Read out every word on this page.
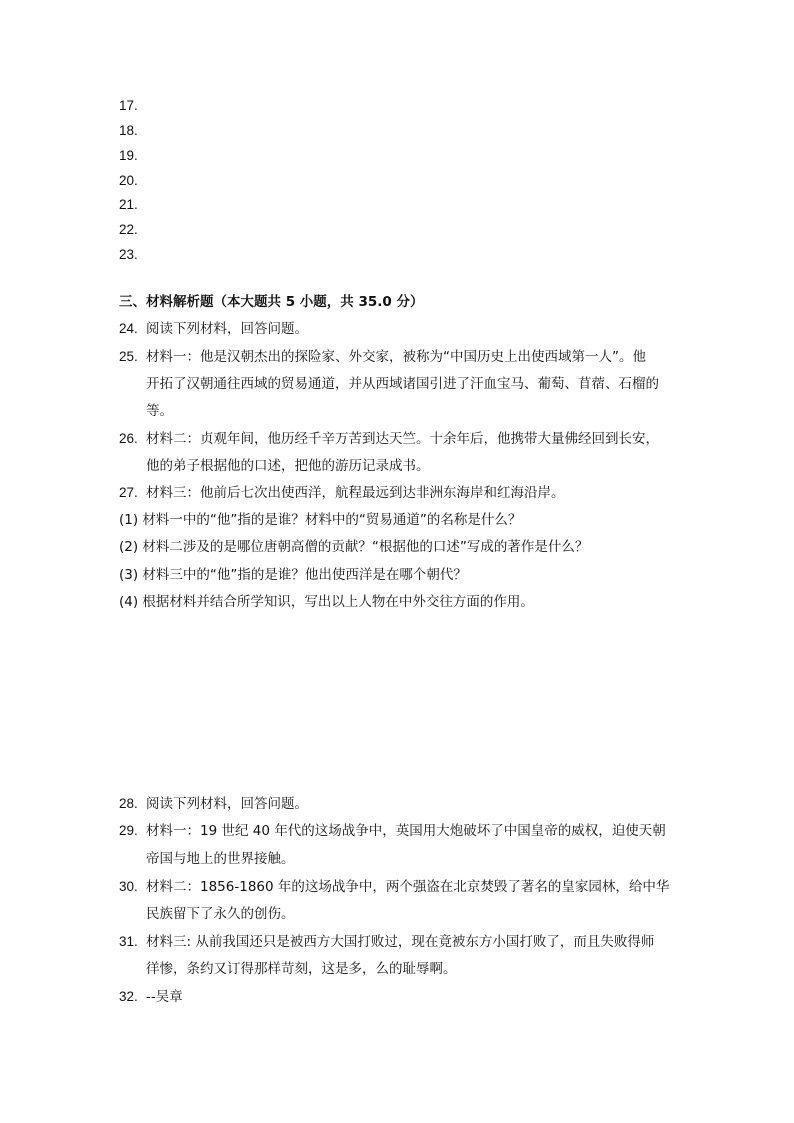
17.
18.
19.
20.
21.
22.
23.
三、材料解析题（本大题共 5 小题，共 35.0 分）
24. 阅读下列材料，回答问题。
25. 材料一：他是汉朝杰出的探险家、外交家，被称为“中国历史上出使西域第一人”。他
开拓了汉朝通往西域的贸易通道，并从西域诸国引进了汗血宝马、葡萄、苜蓿、石榴的
等。
26. 材料二：贞观年间，他历经千辛万苦到达天竺。十余年后，他携带大量佛经回到长安，
他的弟子根据他的口述，把他的游历记录成书。
27. 材料三：他前后七次出使西洋，航程最远到达非洲东海岸和红海沿岸。
(1) 材料一中的“他”指的是谁？材料中的“贸易通道”的名称是什么？
(2) 材料二涉及的是哪位唐朝高僧的贡献？“根据他的口述”写成的著作是什么？
(3) 材料三中的“他”指的是谁？他出使西洋是在哪个朝代？
(4) 根据材料并结合所学知识，写出以上人物在中外交往方面的作用。
28. 阅读下列材料，回答问题。
29. 材料一：19 世纪 40 年代的这场战争中，英国用大炮破坏了中国皇帝的威权，迫使天朝
帝国与地上的世界接触。
30. 材料二：1856-1860 年的这场战争中，两个强盗在北京焚毁了著名的皇家园林，给中华
民族留下了永久的创伤。
31. 材料三: 从前我国还只是被西方大国打败过，现在竟被东方小国打败了，而且失败得师
徉惨，条约又订得那样苛刻，这是多，么的耻辱啊。
32. --吴章
